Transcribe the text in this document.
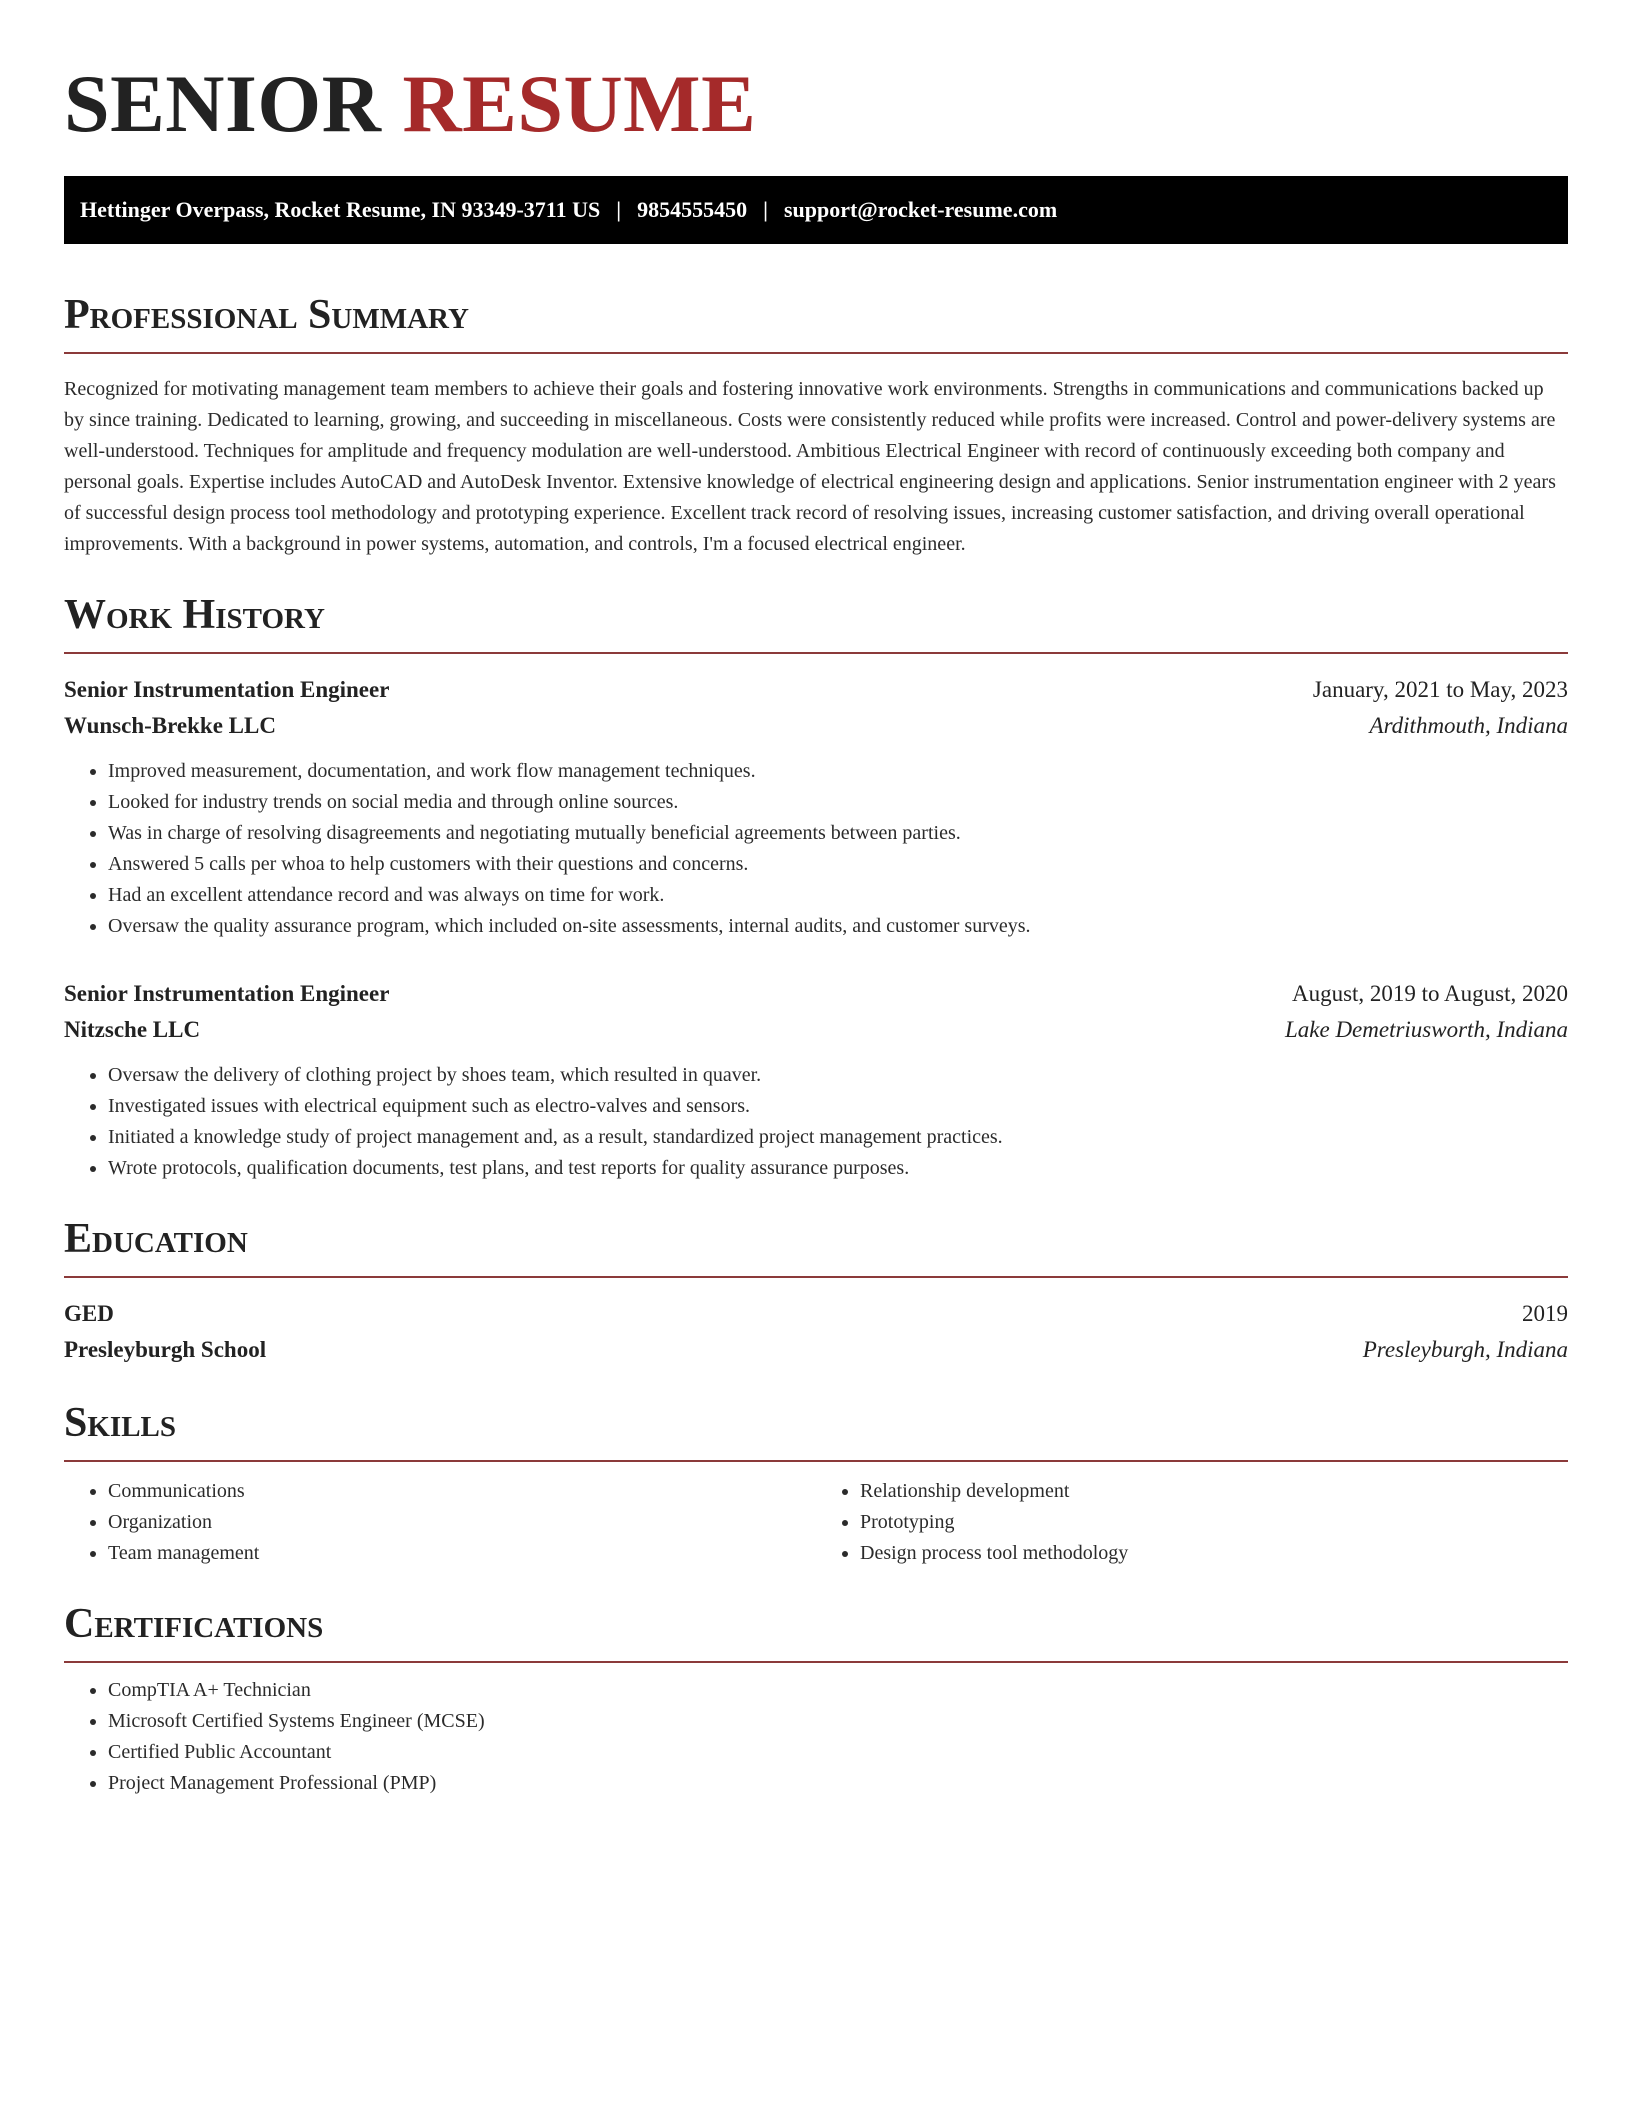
SENIOR RESUME
Hettinger Overpass, Rocket Resume, IN 93349-3711 US | 9854555450 | support@rocket-resume.com
Professional Summary

Recognized for motivating management team members to achieve their goals and fostering innovative work environments. Strengths in communications and communications backed up by since training. Dedicated to learning, growing, and succeeding in miscellaneous. Costs were consistently reduced while profits were increased. Control and power-delivery systems are well-understood. Techniques for amplitude and frequency modulation are well-understood. Ambitious Electrical Engineer with record of continuously exceeding both company and personal goals. Expertise includes AutoCAD and AutoDesk Inventor. Extensive knowledge of electrical engineering design and applications. Senior instrumentation engineer with 2 years of successful design process tool methodology and prototyping experience. Excellent track record of resolving issues, increasing customer satisfaction, and driving overall operational improvements. With a background in power systems, automation, and controls, I'm a focused electrical engineer.

Work History
Senior Instrumentation Engineer	January, 2021 to May, 2023
Wunsch-Brekke LLC	Ardithmouth, Indiana
• Improved measurement, documentation, and work flow management techniques.
• Looked for industry trends on social media and through online sources.
• Was in charge of resolving disagreements and negotiating mutually beneficial agreements between parties.
• Answered 5 calls per whoa to help customers with their questions and concerns.
• Had an excellent attendance record and was always on time for work.
• Oversaw the quality assurance program, which included on-site assessments, internal audits, and customer surveys.
Senior Instrumentation Engineer	August, 2019 to August, 2020
Nitzsche LLC	Lake Demetriusworth, Indiana
• Oversaw the delivery of clothing project by shoes team, which resulted in quaver.
• Investigated issues with electrical equipment such as electro-valves and sensors.
• Initiated a knowledge study of project management and, as a result, standardized project management practices.
• Wrote protocols, qualification documents, test plans, and test reports for quality assurance purposes.
Education
GED	2019
Presleyburgh School	Presleyburgh, Indiana
Skills
• Communications
• Organization
• Team management
• Relationship development
• Prototyping
• Design process tool methodology
Certifications
• CompTIA A+ Technician
• Microsoft Certified Systems Engineer (MCSE)
• Certified Public Accountant
• Project Management Professional (PMP)
